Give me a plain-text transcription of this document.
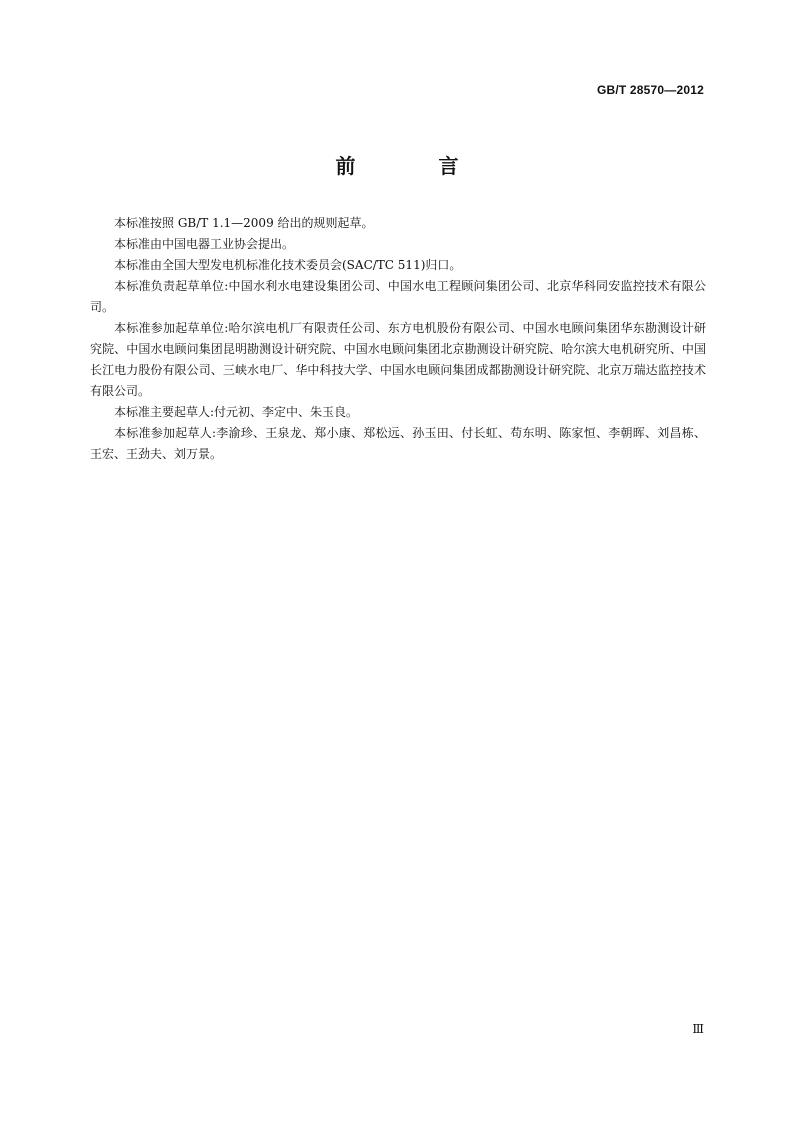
GB/T 28570—2012
前 言

本标准按照 GB/T 1.1—2009 给出的规则起草。

本标准由中国电器工业协会提出。

本标准由全国大型发电机标准化技术委员会(SAC/TC 511)归口。

本标准负责起草单位:中国水利水电建设集团公司、中国水电工程顾问集团公司、北京华科同安监控技术有限公司。

本标准参加起草单位:哈尔滨电机厂有限责任公司、东方电机股份有限公司、中国水电顾问集团华东勘测设计研究院、中国水电顾问集团昆明勘测设计研究院、中国水电顾问集团北京勘测设计研究院、哈尔滨大电机研究所、中国长江电力股份有限公司、三峡水电厂、华中科技大学、中国水电顾问集团成都勘测设计研究院、北京万瑞达监控技术有限公司。

本标准主要起草人:付元初、李定中、朱玉良。

本标准参加起草人:李渝珍、王泉龙、郑小康、郑松远、孙玉田、付长虹、苟东明、陈家恒、李朝晖、刘昌栋、王宏、王劲夫、刘万景。

Ⅲ
